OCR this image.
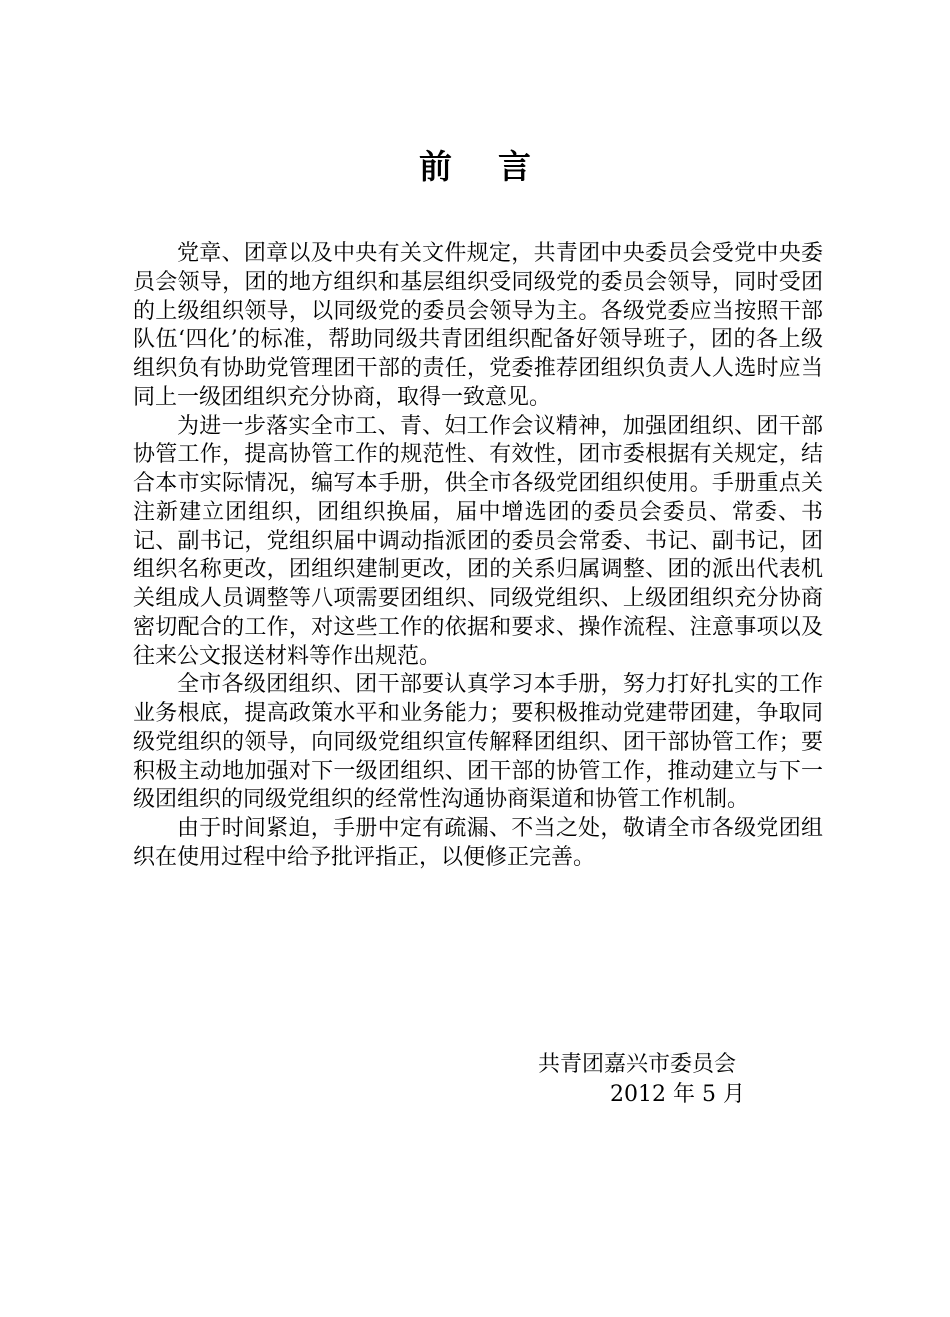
前    言

党章、团章以及中央有关文件规定，共青团中央委员会受党中央委员会领导，团的地方组织和基层组织受同级党的委员会领导，同时受团的上级组织领导，以同级党的委员会领导为主。各级党委应当按照干部队伍‘四化’的标准，帮助同级共青团组织配备好领导班子，团的各上级组织负有协助党管理团干部的责任，党委推荐团组织负责人人选时应当同上一级团组织充分协商，取得一致意见。

为进一步落实全市工、青、妇工作会议精神，加强团组织、团干部协管工作，提高协管工作的规范性、有效性，团市委根据有关规定，结合本市实际情况，编写本手册，供全市各级党团组织使用。手册重点关注新建立团组织，团组织换届，届中增选团的委员会委员、常委、书记、副书记，党组织届中调动指派团的委员会常委、书记、副书记，团组织名称更改，团组织建制更改，团的关系归属调整、团的派出代表机关组成人员调整等八项需要团组织、同级党组织、上级团组织充分协商密切配合的工作，对这些工作的依据和要求、操作流程、注意事项以及往来公文报送材料等作出规范。

全市各级团组织、团干部要认真学习本手册，努力打好扎实的工作业务根底，提高政策水平和业务能力；要积极推动党建带团建，争取同级党组织的领导，向同级党组织宣传解释团组织、团干部协管工作；要积极主动地加强对下一级团组织、团干部的协管工作，推动建立与下一级团组织的同级党组织的经常性沟通协商渠道和协管工作机制。

由于时间紧迫，手册中定有疏漏、不当之处，敬请全市各级党团组织在使用过程中给予批评指正，以便修正完善。

共青团嘉兴市委员会
2012 年 5 月
